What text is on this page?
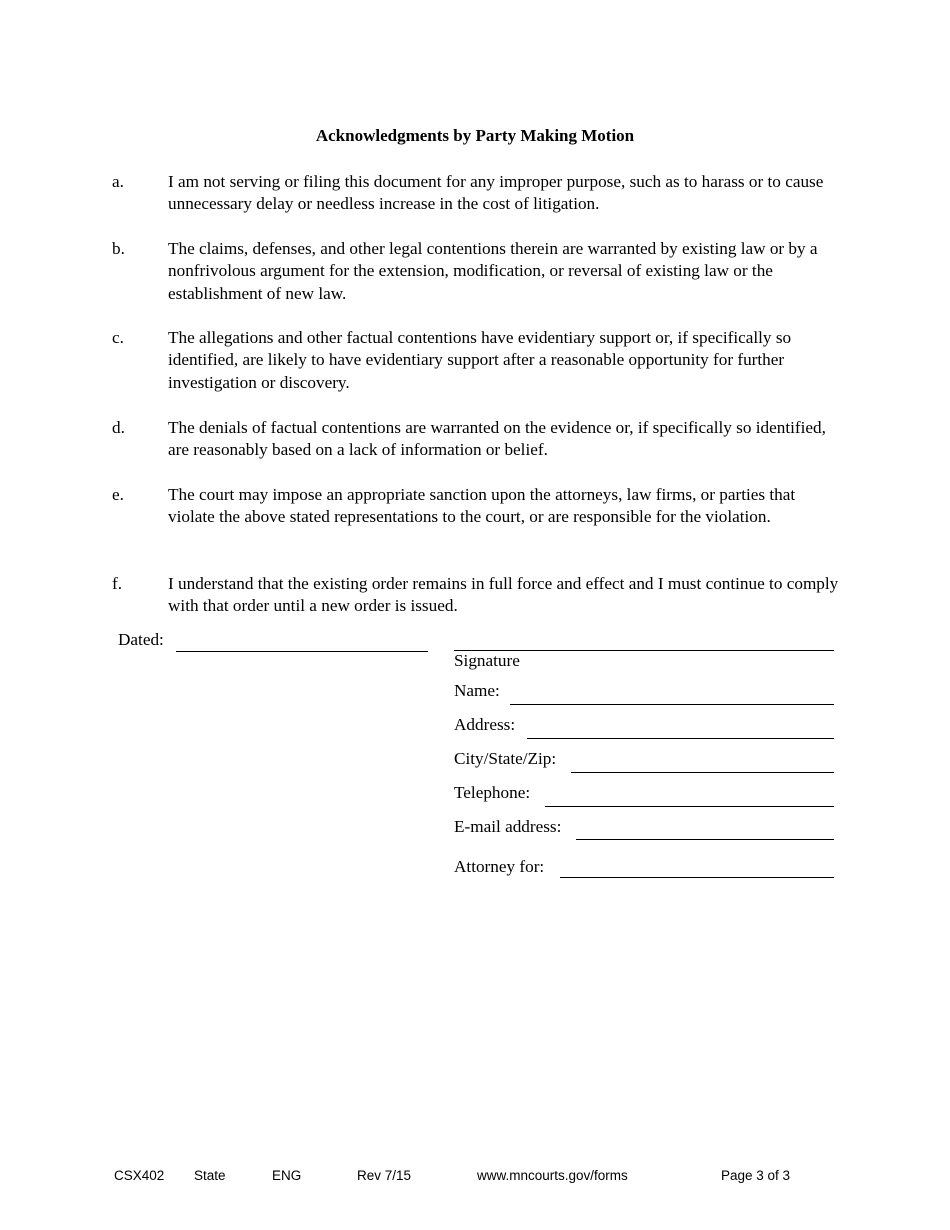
Acknowledgments by Party Making Motion
a.	I am not serving or filing this document for any improper purpose, such as to harass or to cause unnecessary delay or needless increase in the cost of litigation.
b.	The claims, defenses, and other legal contentions therein are warranted by existing law or by a nonfrivolous argument for the extension, modification, or reversal of existing law or the establishment of new law.
c.	The allegations and other factual contentions have evidentiary support or, if specifically so identified, are likely to have evidentiary support after a reasonable opportunity for further investigation or discovery.
d.	The denials of factual contentions are warranted on the evidence or, if specifically so identified, are reasonably based on a lack of information or belief.
e.	The court may impose an appropriate sanction upon the attorneys, law firms, or parties that violate the above stated representations to the court, or are responsible for the violation.
f.	I understand that the existing order remains in full force and effect and I must continue to comply with that order until a new order is issued.
Dated:
Signature
Name:
Address:
City/State/Zip:
Telephone:
E-mail address:
Attorney for:
CSX402 State	ENG	Rev 7/15	www.mncourts.gov/forms	Page 3 of 3
